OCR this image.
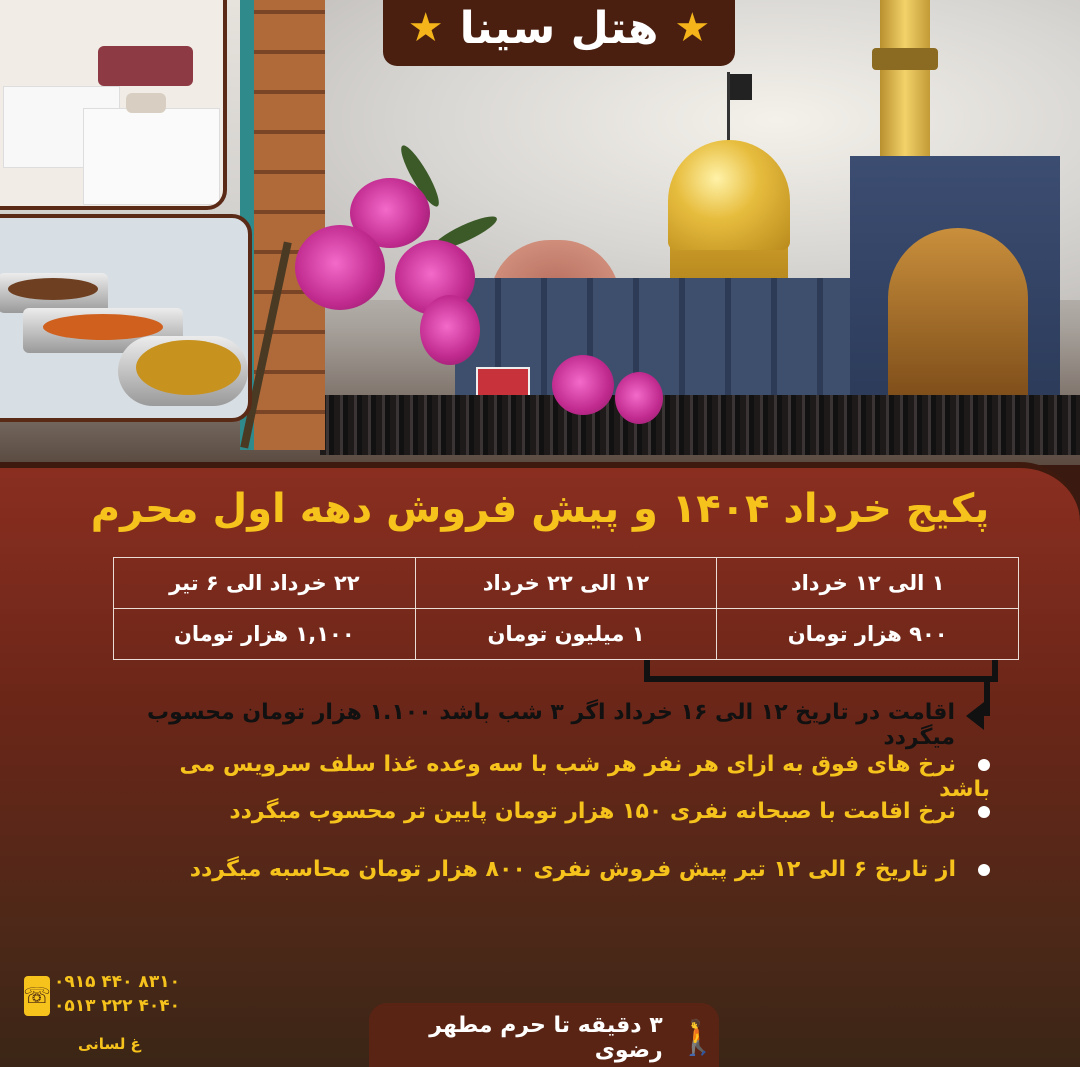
★ هتل سینا ★
پکیج خرداد ۱۴۰۴ و پیش فروش دهه اول محرم
۱ الی ۱۲ خرداد	۱۲ الی ۲۲ خرداد	۲۲ خرداد الی ۶ تیر
۹۰۰ هزار تومان	۱ میلیون تومان	۱,۱۰۰ هزار تومان
اقامت در تاریخ ۱۲ الی ۱۶ خرداد اگر ۳ شب باشد ۱.۱۰۰ هزار تومان محسوب میگردد
نرخ های فوق به ازای هر نفر هر شب با سه وعده غذا سلف سرویس می باشد
نرخ اقامت با صبحانه نفری ۱۵۰ هزار تومان پایین تر محسوب میگردد
از تاریخ ۶ الی ۱۲ تیر پیش فروش نفری ۸۰۰ هزار تومان محاسبه میگردد
☏
۰۹۱۵ ۴۴۰ ۸۳۱۰
۰۵۱۳ ۲۲۲ ۴۰۴۰
غ لسانی	🚶
۳ دقیقه تا حرم مطهر رضوی
